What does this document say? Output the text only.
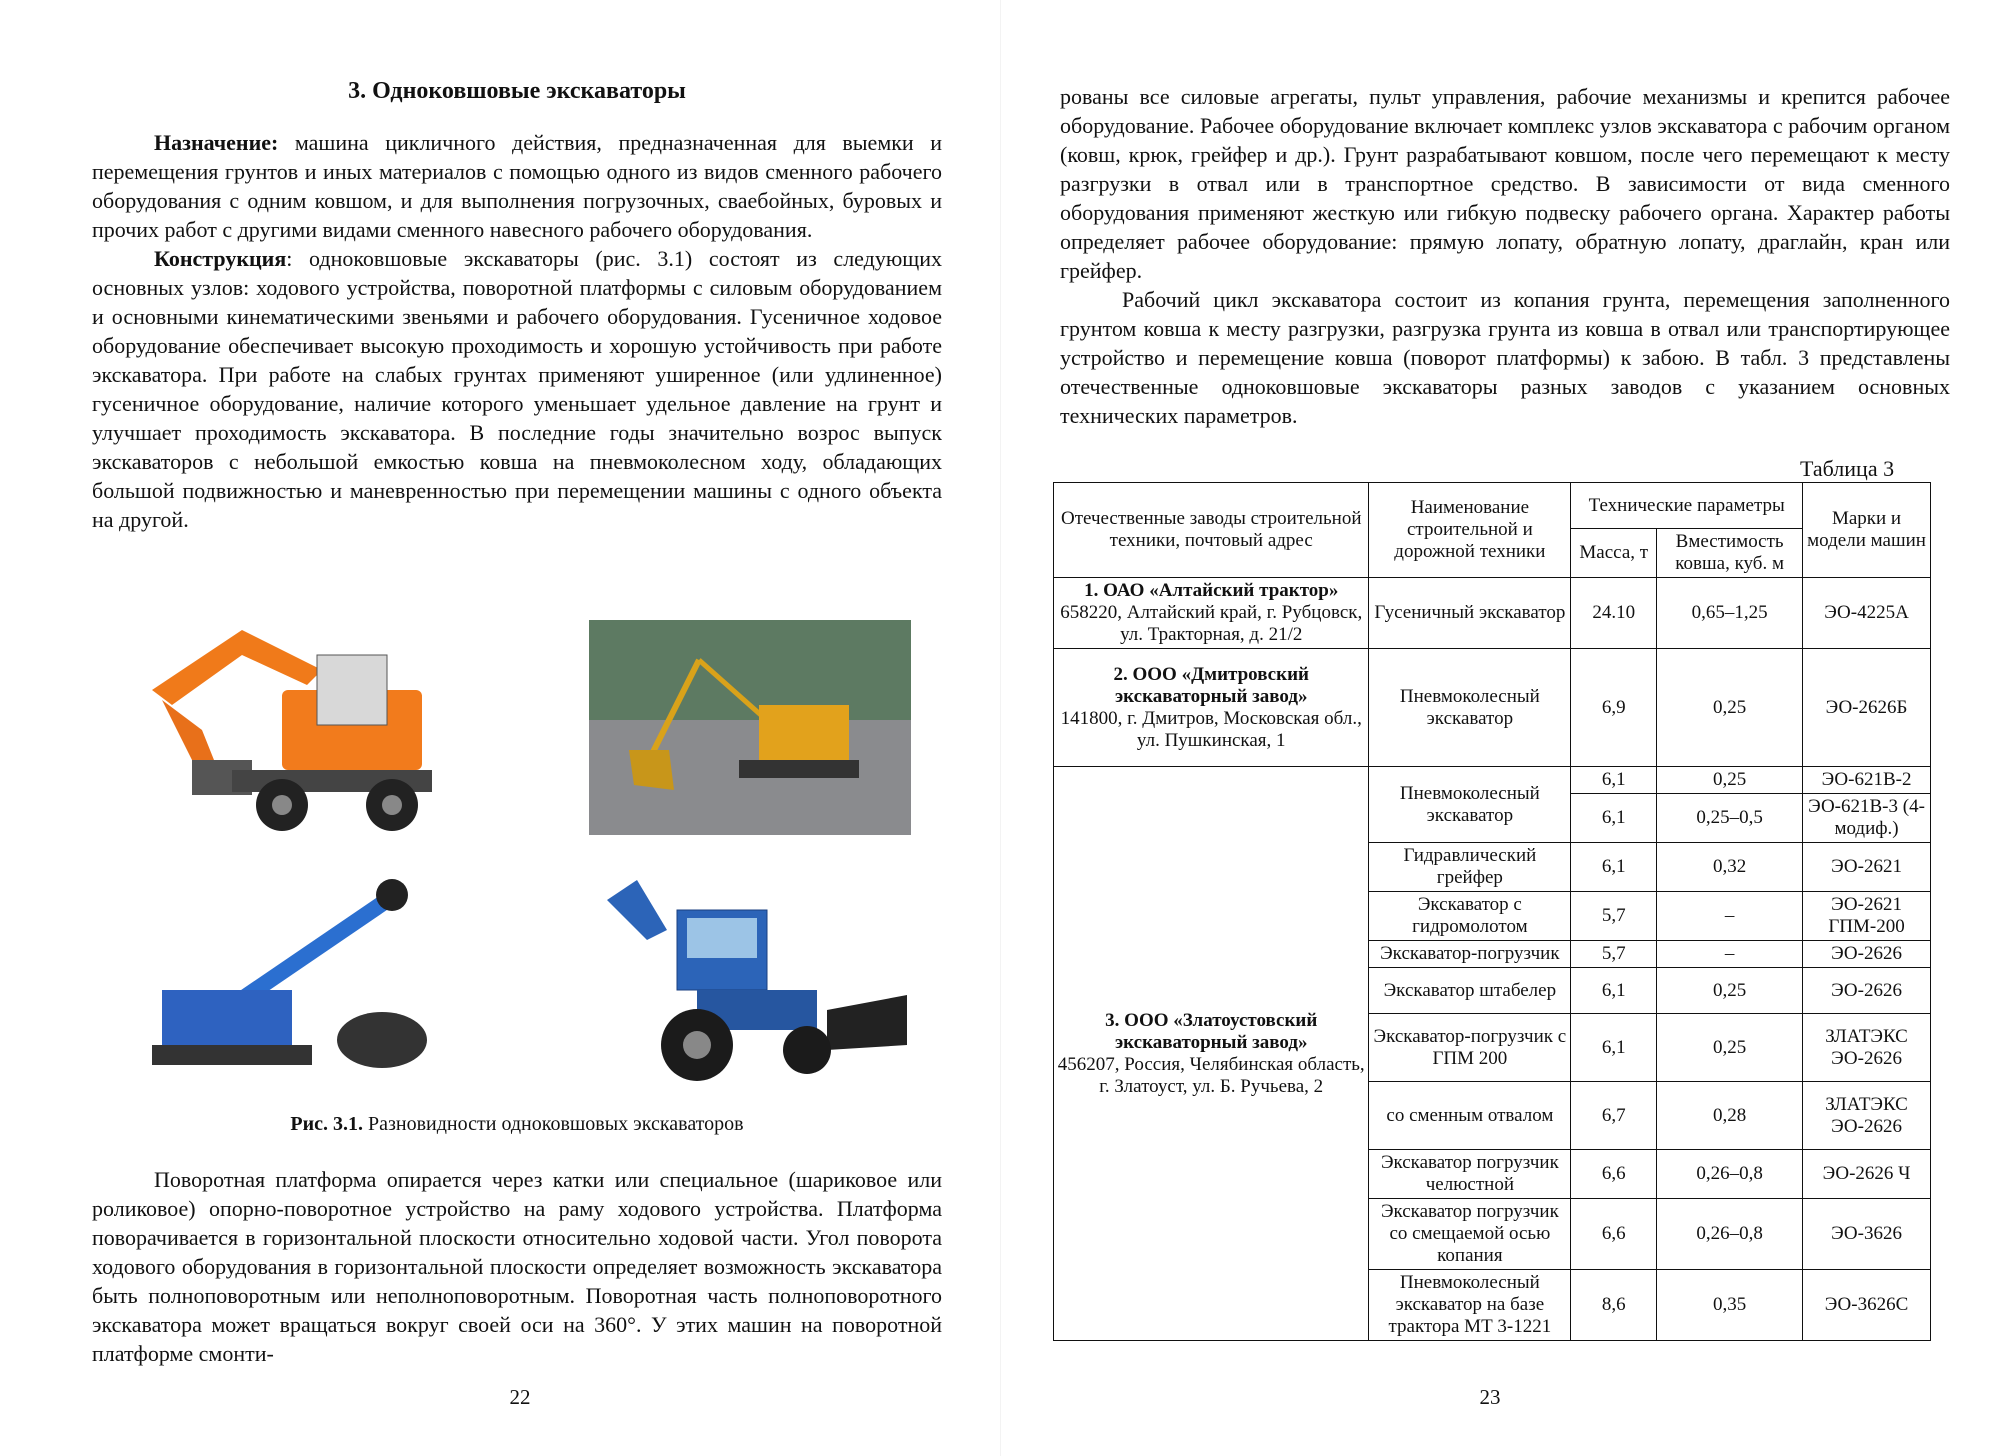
3. Одноковшовые экскаваторы

Назначение: машина цикличного действия, предназначенная для выемки и перемещения грунтов и иных материалов с помощью одного из видов сменного рабочего оборудования с одним ковшом, и для выполнения погрузочных, сваебойных, буровых и прочих работ с другими видами сменного навесного рабочего оборудования.

Конструкция: одноковшовые экскаваторы (рис. 3.1) состоят из следующих основных узлов: ходового устройства, поворотной платформы с силовым оборудованием и основными кинематическими звеньями и рабочего оборудования. Гусеничное ходовое оборудование обеспечивает высокую проходимость и хорошую устойчивость при работе экскаватора. При работе на слабых грунтах применяют уширенное (или удлиненное) гусеничное оборудование, наличие которого уменьшает удельное давление на грунт и улучшает проходимость экскаватора. В последние годы значительно возрос выпуск экскаваторов с небольшой емкостью ковша на пневмоколесном ходу, обладающих большой подвижностью и маневренностью при перемещении машины с одного объекта на другой.

Рис. 3.1. Разновидности одноковшовых экскаваторов

Поворотная платформа опирается через катки или специальное (шариковое или роликовое) опорно-поворотное устройство на раму ходового устройства. Платформа поворачивается в горизонтальной плоскости относительно ходовой части. Угол поворота ходового оборудования в горизонтальной плоскости определяет возможность экскаватора быть полноповоротным или неполноповоротным. Поворотная часть полноповоротного экскаватора может вращаться вокруг своей оси на 360°. У этих машин на поворотной платформе смонти-

22

рованы все силовые агрегаты, пульт управления, рабочие механизмы и крепится рабочее оборудование. Рабочее оборудование включает комплекс узлов экскаватора с рабочим органом (ковш, крюк, грейфер и др.). Грунт разрабатывают ковшом, после чего перемещают к месту разгрузки в отвал или в транспортное средство. В зависимости от вида сменного оборудования применяют жесткую или гибкую подвеску рабочего органа. Характер работы определяет рабочее оборудование: прямую лопату, обратную лопату, драглайн, кран или грейфер.

Рабочий цикл экскаватора состоит из копания грунта, перемещения заполненного грунтом ковша к месту разгрузки, разгрузка грунта из ковша в отвал или транспортирующее устройство и перемещение ковша (поворот платформы) к забою. В табл. 3 представлены отечественные одноковшовые экскаваторы разных заводов с указанием основных технических параметров.

Таблица 3
Отечественные заводы строительной техники, почтовый адрес	Наименование строительной и дорожной техники	Технические параметры		Марки и модели машин
		Масса, т	Вместимость ковша, куб. м	
1. ОАО «Алтайский трактор»
658220, Алтайский край, г. Рубцовск, ул. Тракторная, д. 21/2	Гусеничный экскаватор	24.10	0,65–1,25	ЭО-4225А
2. ООО «Дмитровский экскаваторный завод»
141800, г. Дмитров, Московская обл., ул. Пушкинская, 1	Пневмоколесный экскаватор	6,9	0,25	ЭО-2626Б
3. ООО «Златоустовский экскаваторный завод»
456207, Россия, Челябинская область, г. Златоуст, ул. Б. Ручьева, 2	Пневмоколесный экскаватор	6,1	0,25	ЭО-621В-2
		6,1	0,25–0,5	ЭО-621В-3 (4-модиф.)
	Гидравлический грейфер	6,1	0,32	ЭО-2621
	Экскаватор с гидромолотом	5,7	–	ЭО-2621 ГПМ-200
	Экскаватор-погрузчик	5,7	–	ЭО-2626
	Экскаватор штабелер	6,1	0,25	ЭО-2626
	Экскаватор-погрузчик с ГПМ 200	6,1	0,25	ЗЛАТЭКС ЭО-2626
	со сменным отвалом	6,7	0,28	ЗЛАТЭКС ЭО-2626
	Экскаватор погрузчик челюстной	6,6	0,26–0,8	ЭО-2626 Ч
	Экскаватор погрузчик со смещаемой осью копания	6,6	0,26–0,8	ЭО-3626
	Пневмоколесный экскаватор на базе трактора МТ 3-1221	8,6	0,35	ЭО-3626С
23
